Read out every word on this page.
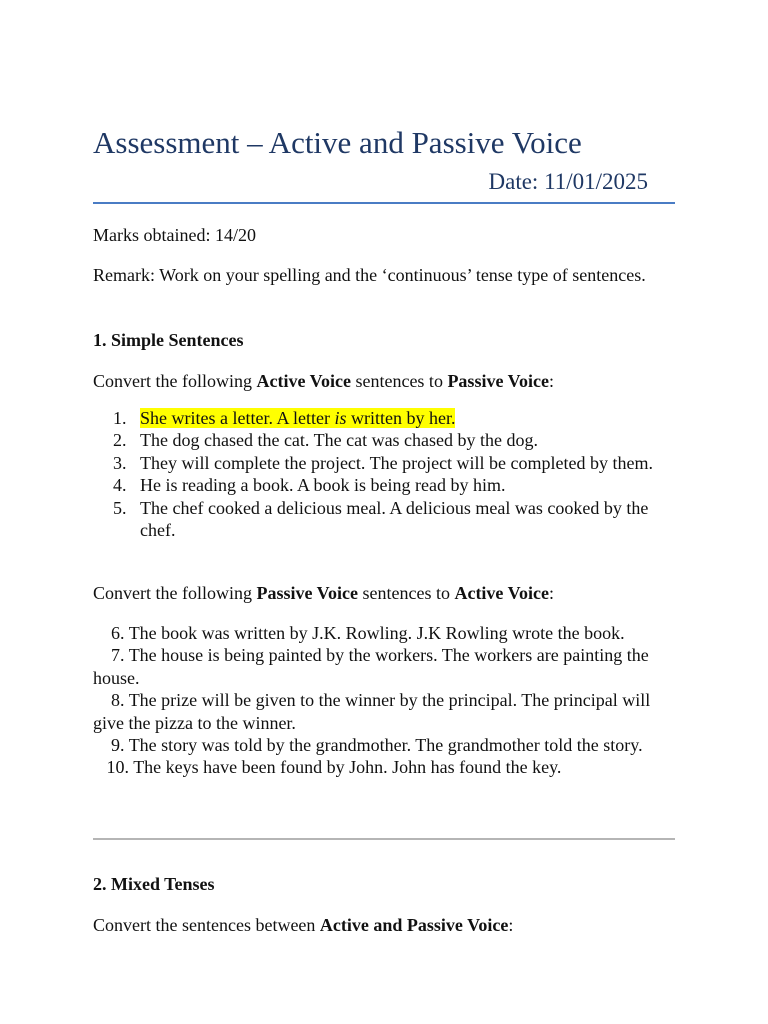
Assessment – Active and Passive Voice
Date: 11/01/2025
Marks obtained: 14/20
Remark: Work on your spelling and the ‘continuous’ tense type of sentences.
1. Simple Sentences
Convert the following Active Voice sentences to Passive Voice:
1. She writes a letter. A letter is written by her.
2. The dog chased the cat. The cat was chased by the dog.
3. They will complete the project. The project will be completed by them.
4. He is reading a book. A book is being read by him.
5. The chef cooked a delicious meal. A delicious meal was cooked by the chef.
Convert the following Passive Voice sentences to Active Voice:
6. The book was written by J.K. Rowling. J.K Rowling wrote the book.
7. The house is being painted by the workers. The workers are painting the house.
8. The prize will be given to the winner by the principal. The principal will give the pizza to the winner.
9. The story was told by the grandmother. The grandmother told the story.
10. The keys have been found by John. John has found the key.
2. Mixed Tenses
Convert the sentences between Active and Passive Voice:
